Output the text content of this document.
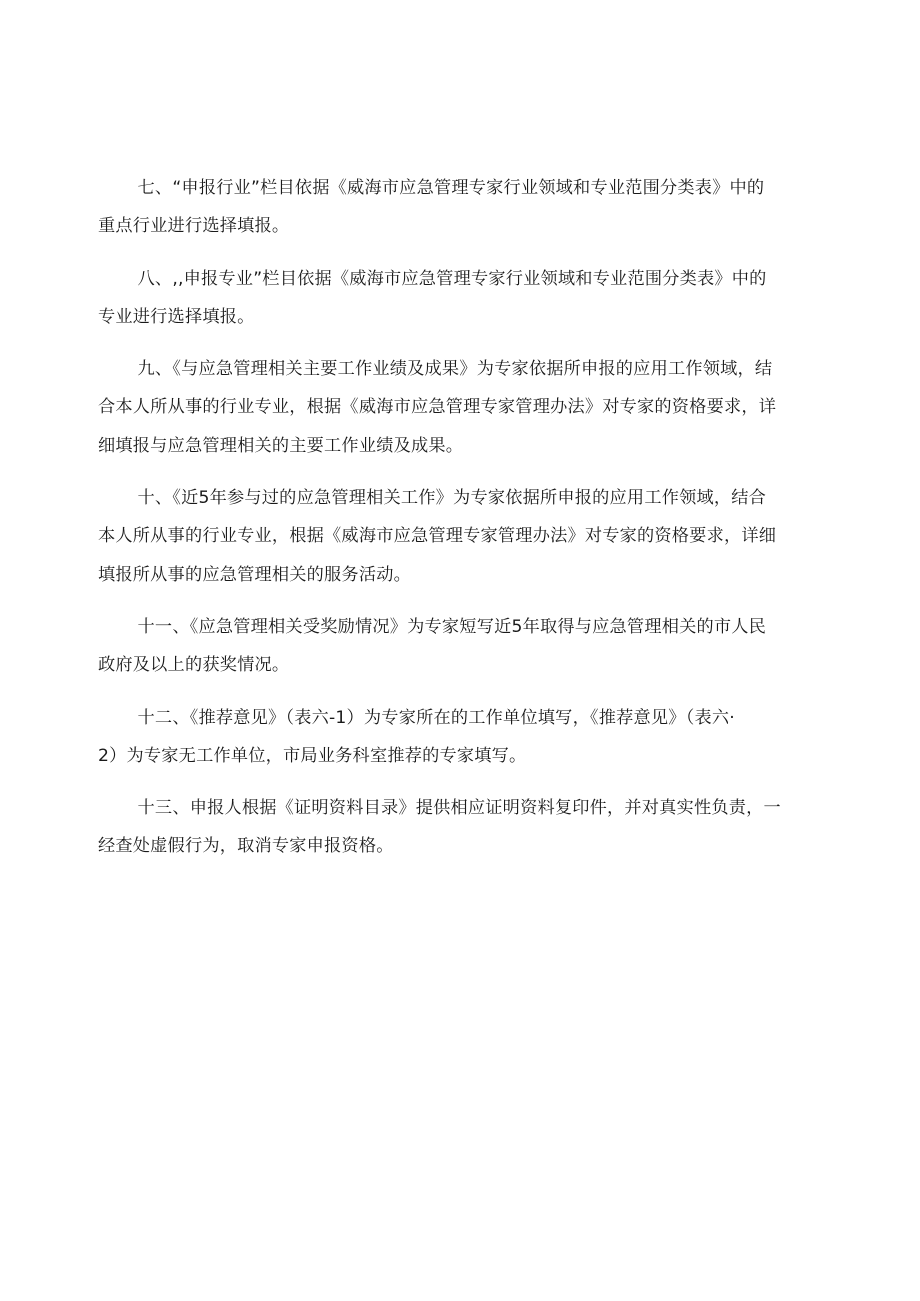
七、“申报行业”栏目依据《威海市应急管理专家行业领域和专业范围分类表》中的
重点行业进行选择填报。

八、,,申报专业”栏目依据《威海市应急管理专家行业领域和专业范围分类表》中的
专业进行选择填报。

九、《与应急管理相关主要工作业绩及成果》为专家依据所申报的应用工作领域，结
合本人所从事的行业专业，根据《威海市应急管理专家管理办法》对专家的资格要求，详
细填报与应急管理相关的主要工作业绩及成果。

十、《近5年参与过的应急管理相关工作》为专家依据所申报的应用工作领域，结合
本人所从事的行业专业，根据《威海市应急管理专家管理办法》对专家的资格要求，详细
填报所从事的应急管理相关的服务活动。

十一、《应急管理相关受奖励情况》为专家短写近5年取得与应急管理相关的市人民
政府及以上的获奖情况。

十二、《推荐意见》（表六-1）为专家所在的工作单位填写，《推荐意见》（表六·
2）为专家无工作单位，市局业务科室推荐的专家填写。

十三、申报人根据《证明资料目录》提供相应证明资料复印件，并对真实性负责，一
经查处虚假行为，取消专家申报资格。
